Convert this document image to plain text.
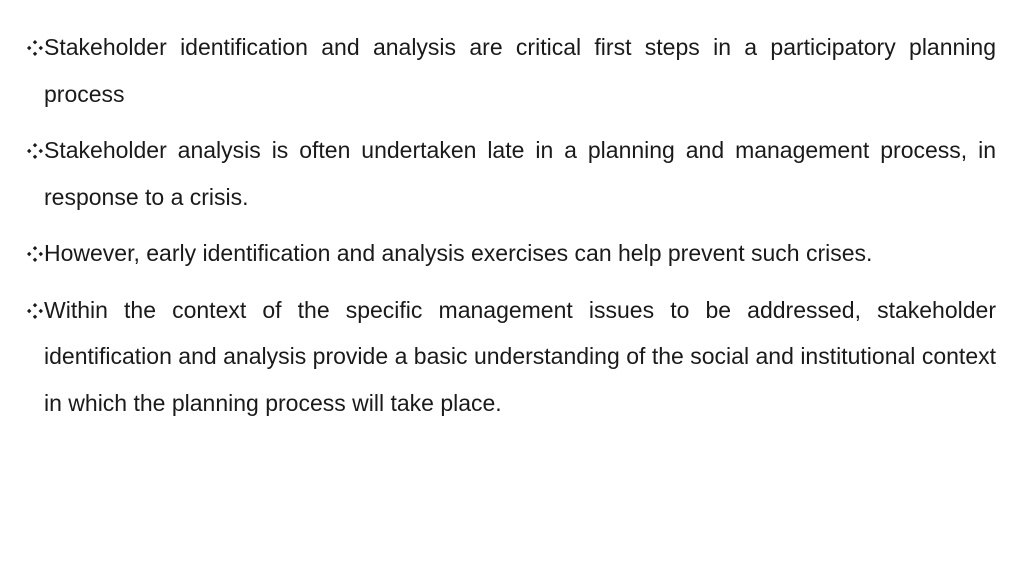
Stakeholder identification and analysis are critical first steps in a participatory planning process
Stakeholder analysis is often undertaken late in a planning and management process, in response to a crisis.
However, early identification and analysis exercises can help prevent such crises.
Within the context of the specific management issues to be addressed, stakeholder identification and analysis provide a basic understanding of the social and institutional context in which the planning process will take place.
